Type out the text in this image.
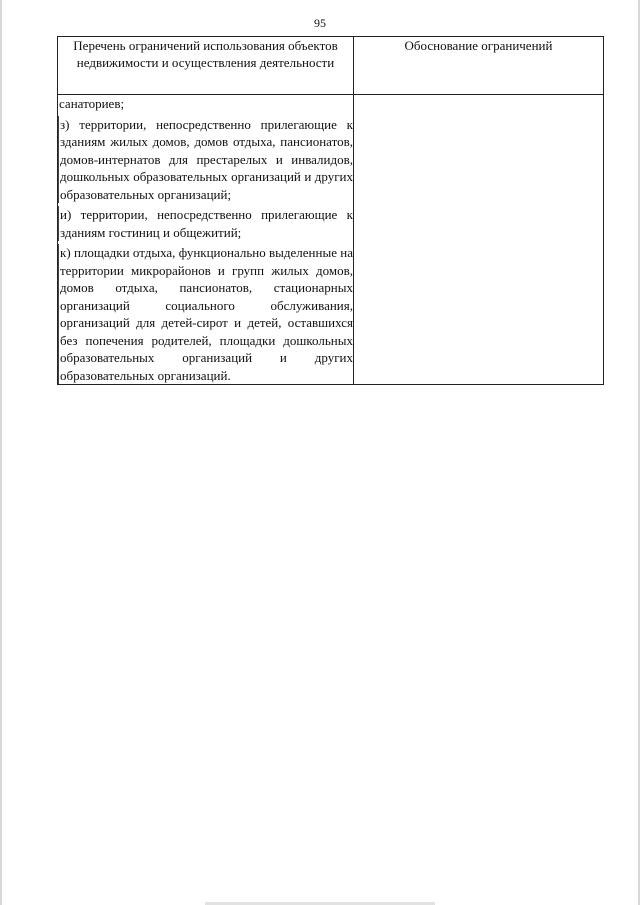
95
Перечень ограничений использования объектов недвижимости и осуществления деятельности	Обоснование ограничений

санаториев;
з) территории, непосредственно прилегающие к зданиям жилых домов, домов отдыха, пансионатов, домов-интернатов для престарелых и инвалидов, дошкольных образовательных организаций и других образовательных организаций;
и) территории, непосредственно прилегающие к зданиям гостиниц и общежитий;
к) площадки отдыха, функционально выделенные на территории микрорайонов и групп жилых домов, домов отдыха, пансионатов, стационарных организаций социального обслуживания, организаций для детей-сирот и детей, оставшихся без попечения родителей, площадки дошкольных образовательных организаций и других образовательных организаций.	
